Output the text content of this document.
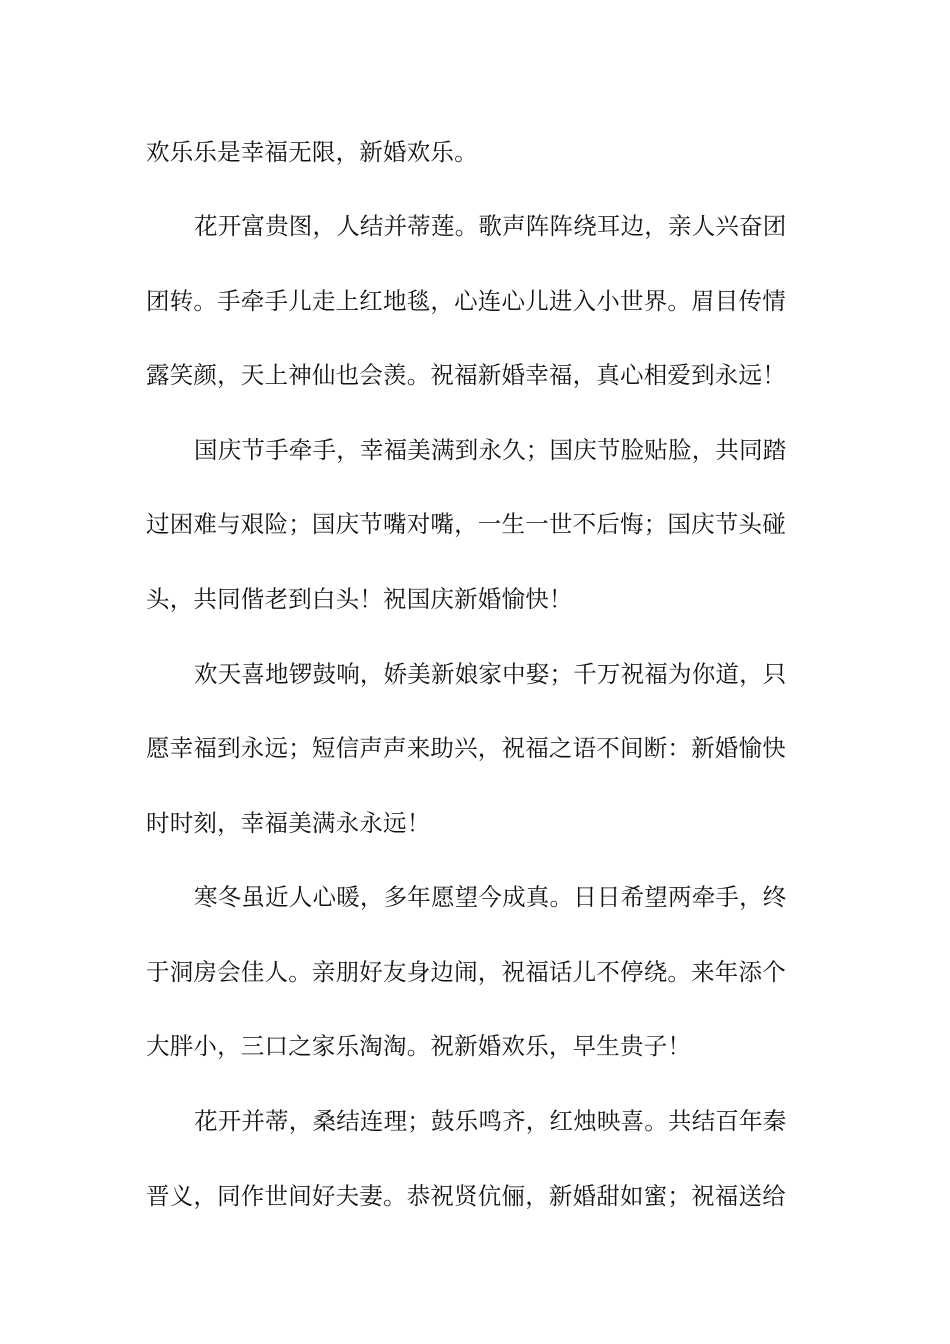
欢乐乐是幸福无限，新婚欢乐。
花开富贵图，人结并蒂莲。歌声阵阵绕耳边，亲人兴奋团
团转。手牵手儿走上红地毯，心连心儿进入小世界。眉目传情
露笑颜，天上神仙也会羡。祝福新婚幸福，真心相爱到永远！
国庆节手牵手，幸福美满到永久；国庆节脸贴脸，共同踏
过困难与艰险；国庆节嘴对嘴，一生一世不后悔；国庆节头碰
头，共同偕老到白头！祝国庆新婚愉快！
欢天喜地锣鼓响，娇美新娘家中娶；千万祝福为你道，只
愿幸福到永远；短信声声来助兴，祝福之语不间断：新婚愉快
时时刻，幸福美满永永远！
寒冬虽近人心暖，多年愿望今成真。日日希望两牵手，终
于洞房会佳人。亲朋好友身边闹，祝福话儿不停绕。来年添个
大胖小，三口之家乐淘淘。祝新婚欢乐，早生贵子！
花开并蒂，桑结连理；鼓乐鸣齐，红烛映喜。共结百年秦
晋义，同作世间好夫妻。恭祝贤伉俪，新婚甜如蜜；祝福送给
